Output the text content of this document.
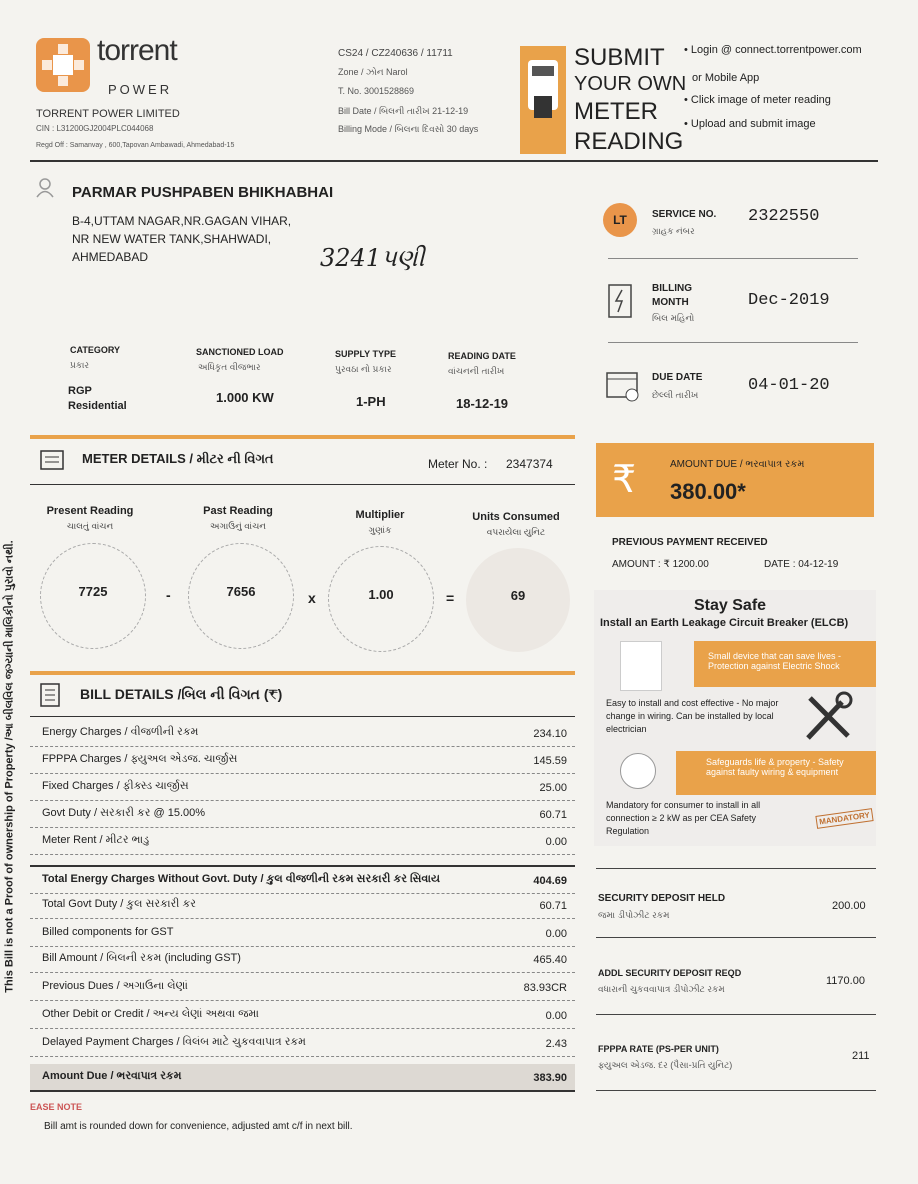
torrent
POWER
TORRENT POWER LIMITED
CIN : L31200GJ2004PLC044068
Regd Off : Samanvay , 600,Tapovan Ambawadi, Ahmedabad-15
CS24 / CZ240636 / 11711
Zone / ઝોન Narol
T. No. 3001528869
Bill Date / બિલની તારીખ 21-12-19
Billing Mode / બિલના દિવસો 30 days
SUBMIT
YOUR OWN
METER
READING
• Login @ connect.torrentpower.com
or Mobile App
• Click image of meter reading
• Upload and submit image
PARMAR PUSHPABEN BHIKHABHAI
B-4,UTTAM NAGAR,NR.GAGAN VIHAR,
NR NEW WATER TANK,SHAHWADI,
AHMEDABAD	3241પણી
LT	SERVICE NO.
ગ્રાહક નંબર
2322550
BILLING
MONTH
બિલ મહિનો
Dec-2019
DUE DATE
છેલ્લી તારીખ	04-01-20
CATEGORY
પ્રકાર
RGP
Residential
SANCTIONED LOAD
અધિકૃત વીજભાર
1.000 KW
SUPPLY TYPE
પુરવઠા નો પ્રકાર
1-PH
READING DATE
વાંચનની તારીખ
18-12-19
METER DETAILS / મીટર ની વિગત	Meter No. : 2347374
Present Reading
ચાલતું વાંચન
Past Reading
અગાઉનું વાંચન
Multiplier
ગુણાંક
Units Consumed
વપરાયેલા યુનિટ
7725	-	7656	x	1.00	=	69
BILL DETAILS /બિલ ની વિગત (₹)
Energy Charges / વીજળીની રકમ	234.10
FPPPA Charges / ફ્યુઅલ એડજ. ચાર્જીસ	145.59
Fixed Charges / ફીક્સ્ડ ચાર્જીસ	25.00
Govt Duty / સરકારી કર @ 15.00%	60.71
Meter Rent / મીટર ભાડુ	0.00
Total Energy Charges Without Govt. Duty / કુલ વીજળીની રકમ સરકારી કર સિવાય	404.69
Total Govt Duty / કુલ સરકારી કર	60.71
Billed components for GST	0.00
Bill Amount / બિલની રકમ (including GST)	465.40
Previous Dues / અગાઉના લેણાં	83.93CR
Other Debit or Credit / અન્ય લેણાં અથવા જમા	0.00
Delayed Payment Charges / વિલંબ માટે ચુકવવાપાત્ર રકમ	2.43
Amount Due / ભરવાપાત્ર રકમ	383.90
EASE NOTE
Bill amt is rounded down for convenience, adjusted amt c/f in next bill.
This Bill is not a Proof of ownership of Property /આ બીલવિલ જગ્યાની માલિકીનો પુરાવો નથી.
₹	AMOUNT DUE / ભરવાપાત્ર રકમ
380.00*
PREVIOUS PAYMENT RECEIVED
AMOUNT : ₹ 1200.00	DATE : 04-12-19
Stay Safe
Install an Earth Leakage Circuit Breaker (ELCB)
Small device that can save lives - Protection against Electric Shock
Easy to install and cost effective - No major change in wiring. Can be installed by local electrician
Safeguards life & property - Safety against faulty wiring & equipment
Mandatory for consumer to install in all connection ≥ 2 kW as per CEA Safety Regulation
MANDATORY
SECURITY DEPOSIT HELD
જમા ડીપોઝીટ રકમ
200.00
ADDL SECURITY DEPOSIT REQD
વધારાની ચુકવવાપાત્ર ડીપોઝીટ રકમ
1170.00
FPPPA RATE (PS-PER UNIT)
ફ્યુઅલ એડજ. દર (પૈસા-પ્રતિ યુનિટ)
211
